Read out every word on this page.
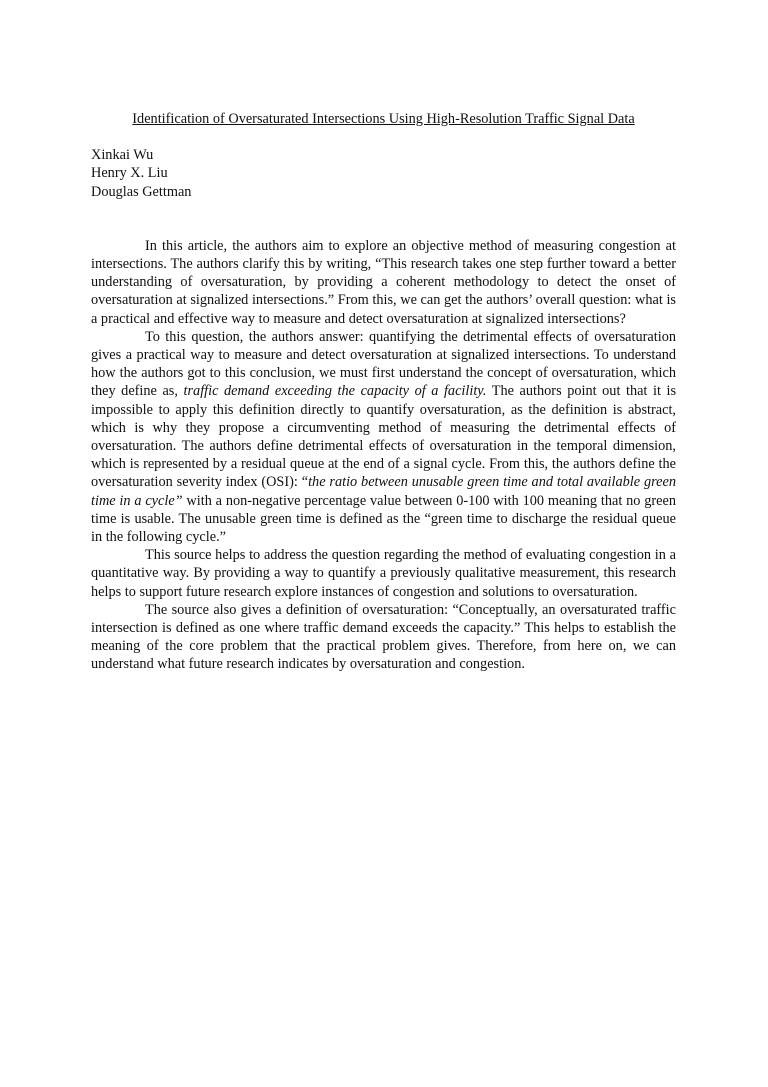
Identification of Oversaturated Intersections Using High-Resolution Traffic Signal Data

Xinkai Wu
Henry X. Liu
Douglas Gettman

In this article, the authors aim to explore an objective method of measuring congestion at intersections. The authors clarify this by writing, “This research takes one step further toward a better understanding of oversaturation, by providing a coherent methodology to detect the onset of oversaturation at signalized intersections.” From this, we can get the authors’ overall question: what is a practical and effective way to measure and detect oversaturation at signalized intersections?

To this question, the authors answer: quantifying the detrimental effects of oversaturation gives a practical way to measure and detect oversaturation at signalized intersections. To understand how the authors got to this conclusion, we must first understand the concept of oversaturation, which they define as, traffic demand exceeding the capacity of a facility. The authors point out that it is impossible to apply this definition directly to quantify oversaturation, as the definition is abstract, which is why they propose a circumventing method of measuring the detrimental effects of oversaturation. The authors define detrimental effects of oversaturation in the temporal dimension, which is represented by a residual queue at the end of a signal cycle. From this, the authors define the oversaturation severity index (OSI): “the ratio between unusable green time and total available green time in a cycle” with a non-negative percentage value between 0-100 with 100 meaning that no green time is usable. The unusable green time is defined as the “green time to discharge the residual queue in the following cycle.”

This source helps to address the question regarding the method of evaluating congestion in a quantitative way. By providing a way to quantify a previously qualitative measurement, this research helps to support future research explore instances of congestion and solutions to oversaturation.

The source also gives a definition of oversaturation: “Conceptually, an oversaturated traffic intersection is defined as one where traffic demand exceeds the capacity.” This helps to establish the meaning of the core problem that the practical problem gives. Therefore, from here on, we can understand what future research indicates by oversaturation and congestion.
